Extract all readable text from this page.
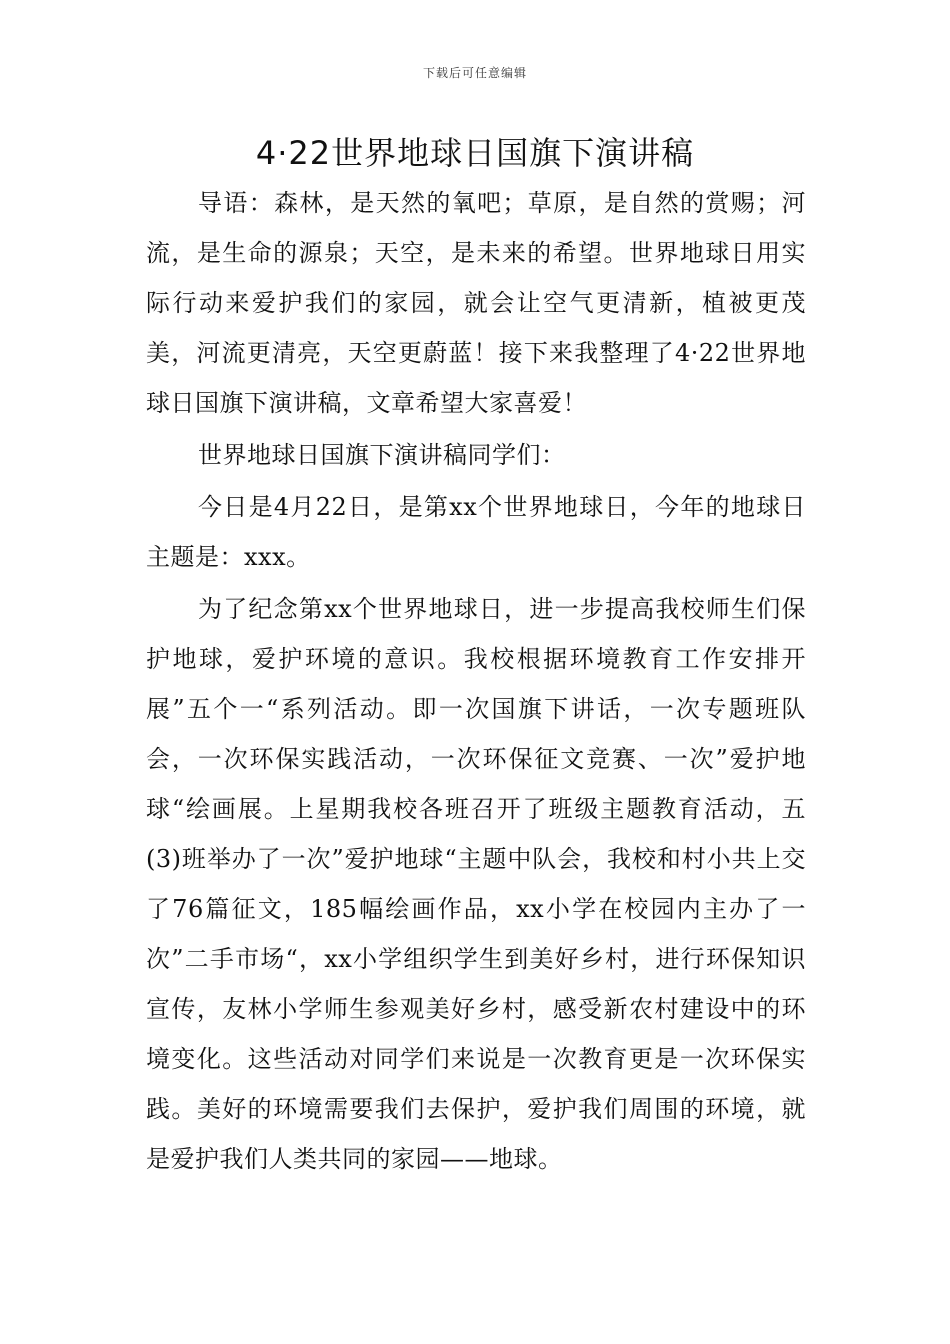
下载后可任意编辑
4·22世界地球日国旗下演讲稿

导语：森林，是天然的氧吧；草原，是自然的赏赐；河流，是生命的源泉；天空，是未来的希望。世界地球日用实际行动来爱护我们的家园，就会让空气更清新，植被更茂美，河流更清亮，天空更蔚蓝！接下来我整理了4·22世界地球日国旗下演讲稿，文章希望大家喜爱！

世界地球日国旗下演讲稿同学们：

今日是4月22日，是第xx个世界地球日，今年的地球日主题是：xxx。

为了纪念第xx个世界地球日，进一步提高我校师生们保护地球，爱护环境的意识。我校根据环境教育工作安排开展”五个一“系列活动。即一次国旗下讲话，一次专题班队会，一次环保实践活动，一次环保征文竞赛、一次”爱护地球“绘画展。上星期我校各班召开了班级主题教育活动，五(3)班举办了一次”爱护地球“主题中队会，我校和村小共上交了76篇征文，185幅绘画作品，xx小学在校园内主办了一次”二手市场“，xx小学组织学生到美好乡村，进行环保知识宣传，友林小学师生参观美好乡村，感受新农村建设中的环境变化。这些活动对同学们来说是一次教育更是一次环保实践。美好的环境需要我们去保护，爱护我们周围的环境，就是爱护我们人类共同的家园——地球。
